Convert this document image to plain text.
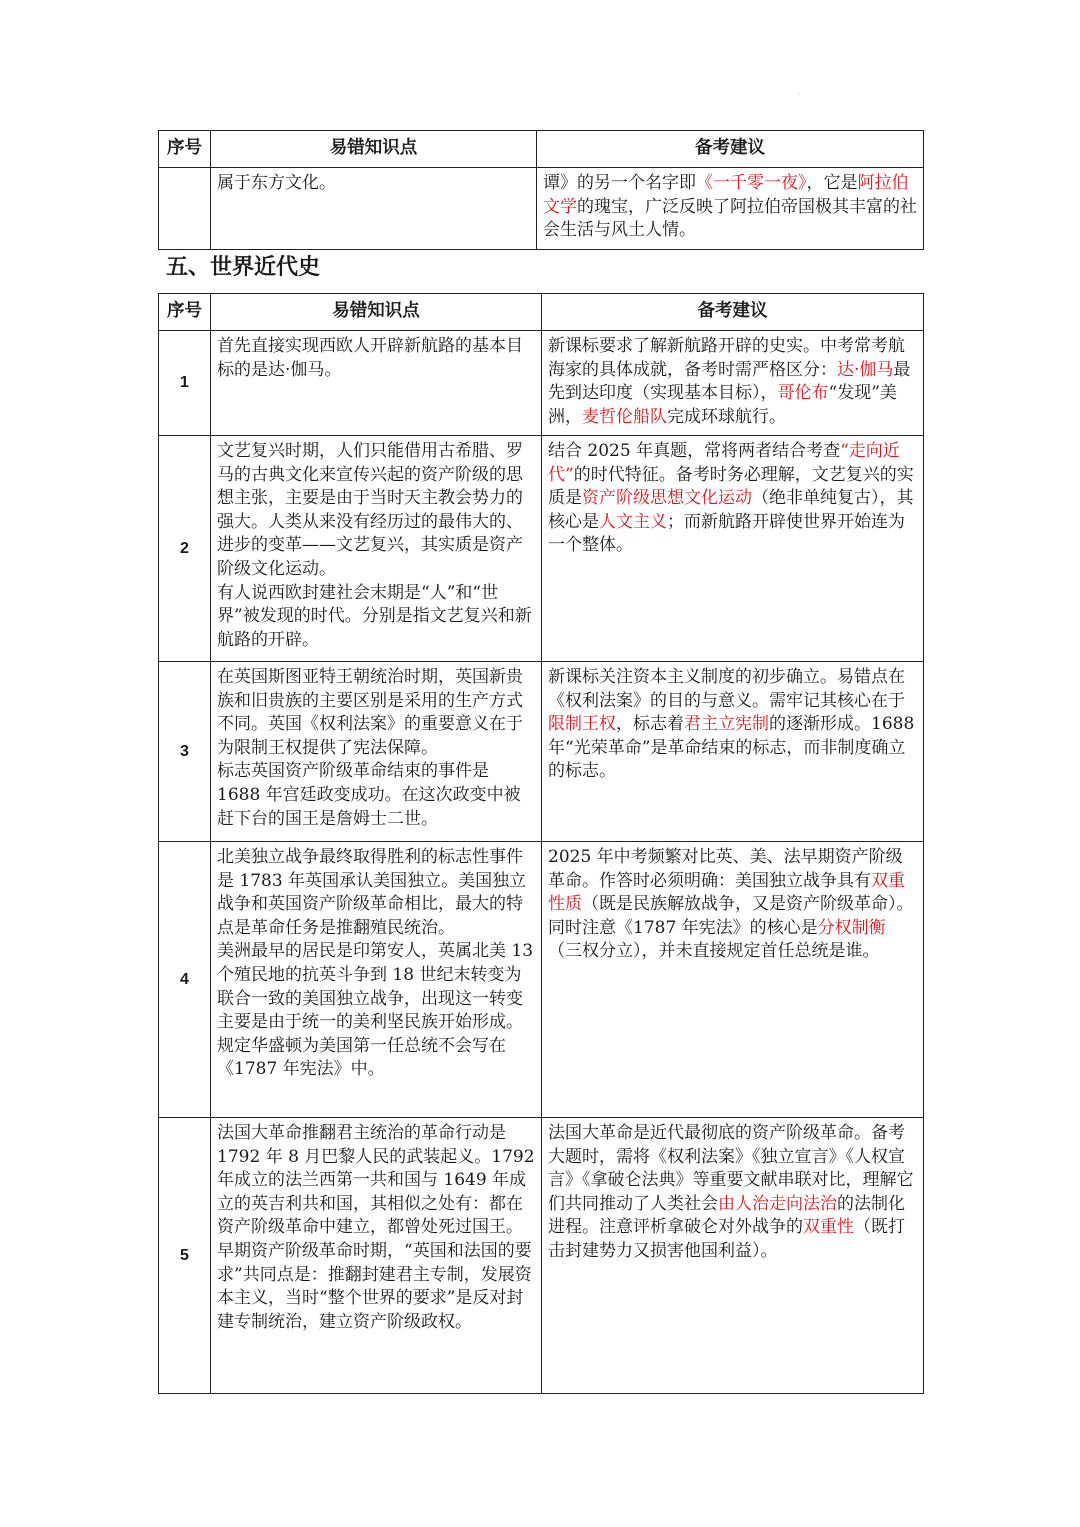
·
序号	易错知识点	备考建议

	属于东方文化。	谭》的另一个名字即《一千零一夜》，它是阿拉伯文学的瑰宝，广泛反映了阿拉伯帝国极其丰富的社会生活与风土人情。

五、世界近代史
序号	易错知识点	备考建议
1	首先直接实现西欧人开辟新航路的基本目标的是达·伽马。	新课标要求了解新航路开辟的史实。中考常考航海家的具体成就，备考时需严格区分：达·伽马最先到达印度（实现基本目标），哥伦布“发现”美洲，麦哲伦船队完成环球航行。

2	文艺复兴时期，人们只能借用古希腊、罗马的古典文化来宣传兴起的资产阶级的思想主张，主要是由于当时天主教会势力的强大。人类从来没有经历过的最伟大的、进步的变革——文艺复兴，其实质是资产阶级文化运动。

有人说西欧封建社会末期是“人”和“世界”被发现的时代。分别是指文艺复兴和新航路的开辟。	结合 2025 年真题，常将两者结合考查“走向近代”的时代特征。备考时务必理解，文艺复兴的实质是资产阶级思想文化运动（绝非单纯复古），其核心是人文主义；而新航路开辟使世界开始连为一个整体。

3	在英国斯图亚特王朝统治时期，英国新贵族和旧贵族的主要区别是采用的生产方式不同。英国《权利法案》的重要意义在于为限制王权提供了宪法保障。

标志英国资产阶级革命结束的事件是 1688 年宫廷政变成功。在这次政变中被赶下台的国王是詹姆士二世。	新课标关注资本主义制度的初步确立。易错点在《权利法案》的目的与意义。需牢记其核心在于限制王权，标志着君主立宪制的逐渐形成。1688 年“光荣革命”是革命结束的标志，而非制度确立的标志。

4	北美独立战争最终取得胜利的标志性事件是 1783 年英国承认美国独立。美国独立战争和英国资产阶级革命相比，最大的特点是革命任务是推翻殖民统治。

美洲最早的居民是印第安人，英属北美 13 个殖民地的抗英斗争到 18 世纪末转变为联合一致的美国独立战争，出现这一转变主要是由于统一的美利坚民族开始形成。

规定华盛顿为美国第一任总统不会写在《1787 年宪法》中。	2025 年中考频繁对比英、美、法早期资产阶级革命。作答时必须明确：美国独立战争具有双重性质（既是民族解放战争，又是资产阶级革命）。同时注意《1787 年宪法》的核心是分权制衡（三权分立），并未直接规定首任总统是谁。

5	法国大革命推翻君主统治的革命行动是 1792 年 8 月巴黎人民的武装起义。1792 年成立的法兰西第一共和国与 1649 年成立的英吉利共和国，其相似之处有：都在资产阶级革命中建立，都曾处死过国王。

早期资产阶级革命时期，“英国和法国的要求”共同点是：推翻封建君主专制，发展资本主义，当时“整个世界的要求”是反对封建专制统治，建立资产阶级政权。	法国大革命是近代最彻底的资产阶级革命。备考大题时，需将《权利法案》《独立宣言》《人权宣言》《拿破仑法典》等重要文献串联对比，理解它们共同推动了人类社会由人治走向法治的法制化进程。注意评析拿破仑对外战争的双重性（既打击封建势力又损害他国利益）。
